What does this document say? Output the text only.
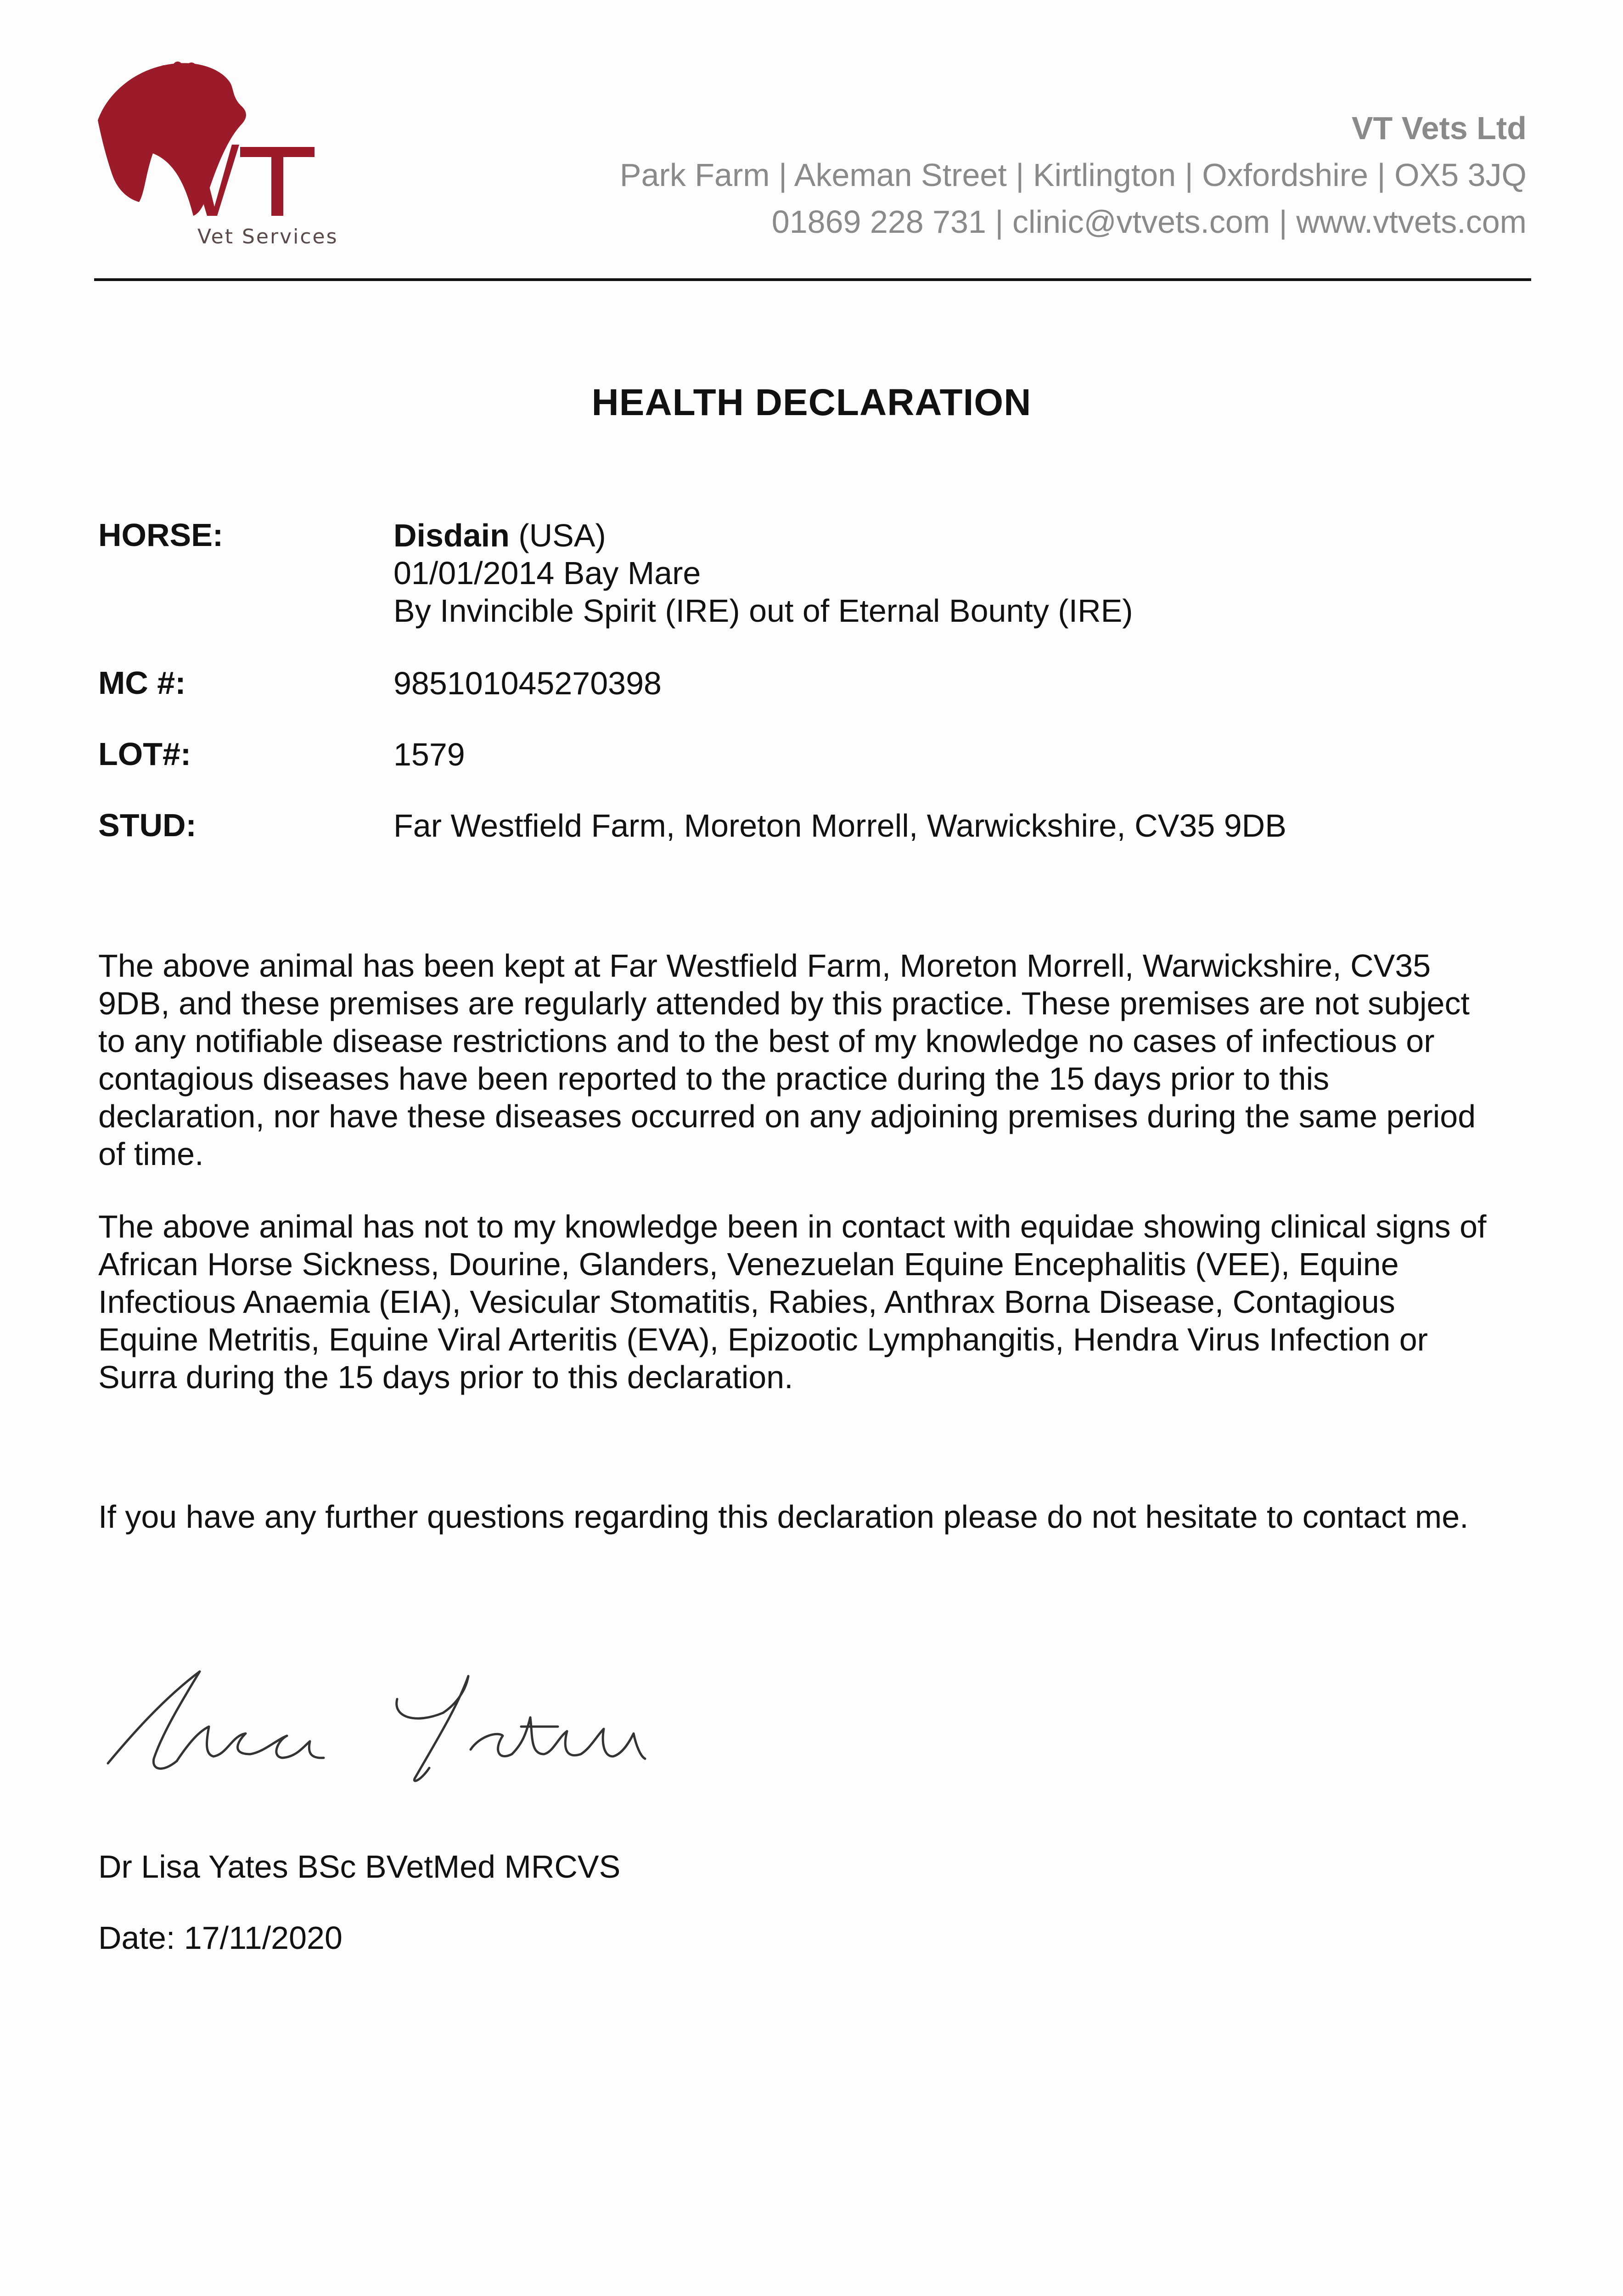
Vet Services
VT Vets Ltd
Park Farm | Akeman Street | Kirtlington | Oxfordshire | OX5 3JQ
01869 228 731 | clinic@vtvets.com | www.vtvets.com
HEALTH DECLARATION
HORSE:	Disdain (USA)
01/01/2014 Bay Mare
By Invincible Spirit (IRE) out of Eternal Bounty (IRE)
MC #:	985101045270398
LOT#:	1579
STUD:	Far Westfield Farm, Moreton Morrell, Warwickshire, CV35 9DB
The above animal has been kept at Far Westfield Farm, Moreton Morrell, Warwickshire, CV35
9DB, and these premises are regularly attended by this practice. These premises are not subject
to any notifiable disease restrictions and to the best of my knowledge no cases of infectious or
contagious diseases have been reported to the practice during the 15 days prior to this
declaration, nor have these diseases occurred on any adjoining premises during the same period
of time.
The above animal has not to my knowledge been in contact with equidae showing clinical signs of
African Horse Sickness, Dourine, Glanders, Venezuelan Equine Encephalitis (VEE), Equine
Infectious Anaemia (EIA), Vesicular Stomatitis, Rabies, Anthrax Borna Disease, Contagious
Equine Metritis, Equine Viral Arteritis (EVA), Epizootic Lymphangitis, Hendra Virus Infection or
Surra during the 15 days prior to this declaration.
If you have any further questions regarding this declaration please do not hesitate to contact me.
Dr Lisa Yates BSc BVetMed MRCVS
Date: 17/11/2020
